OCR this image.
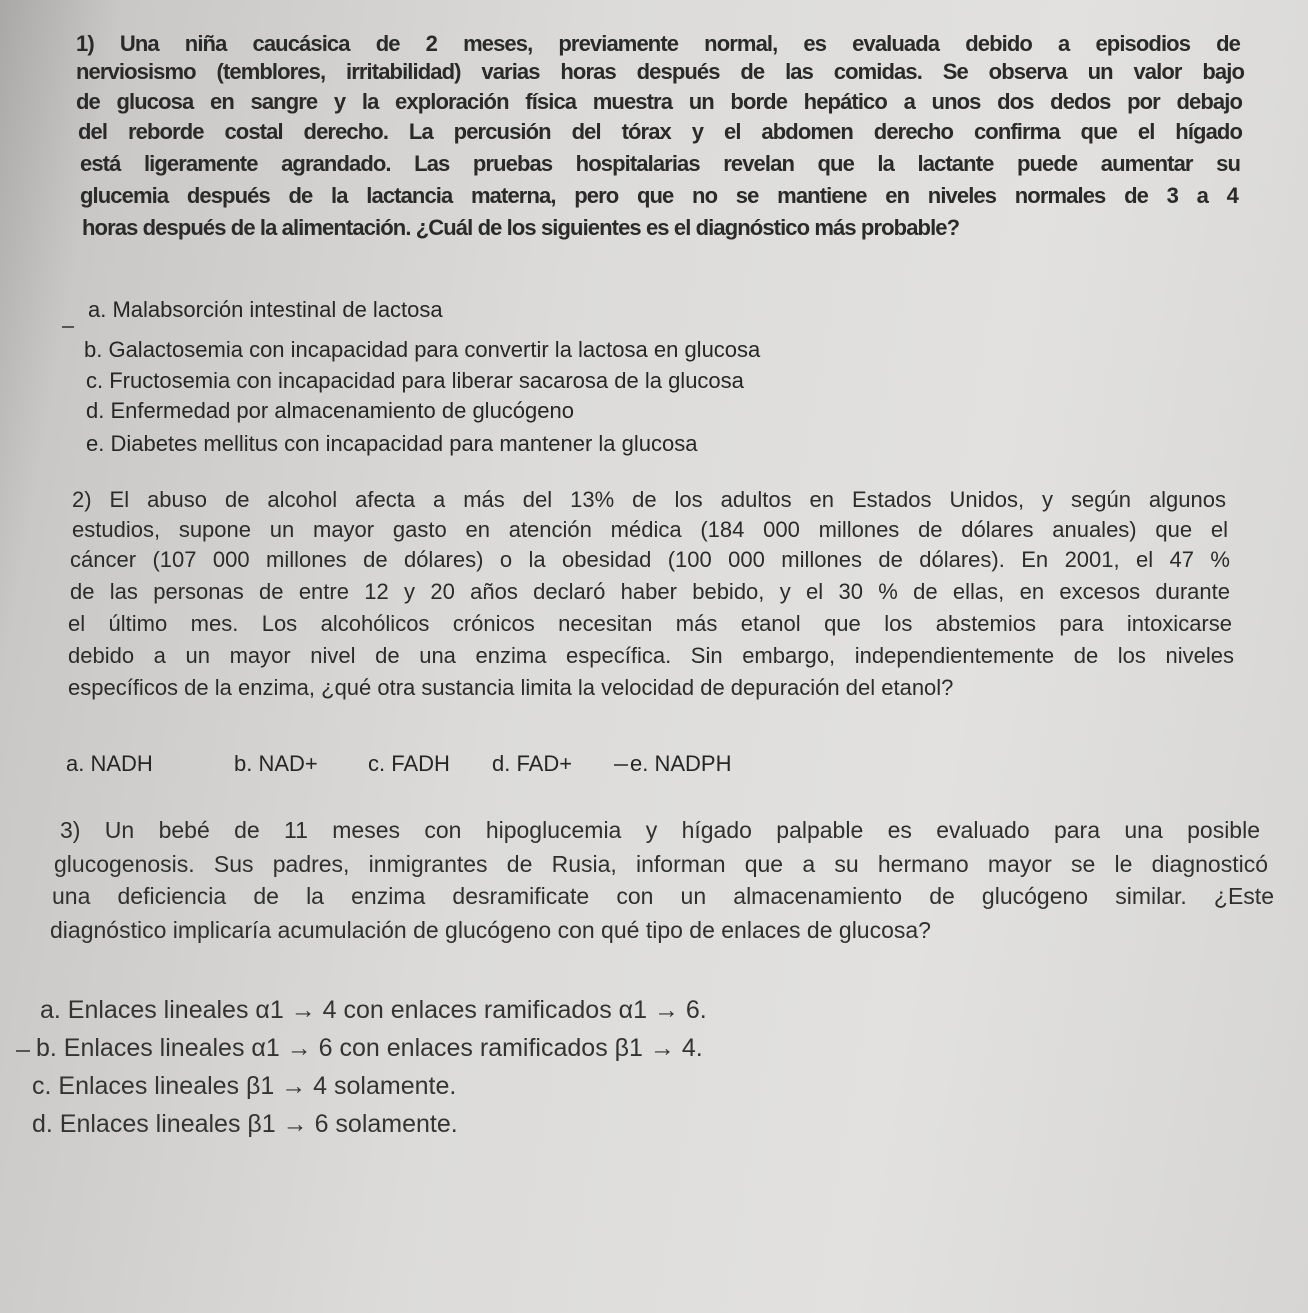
1) Una niña caucásica de 2 meses, previamente normal, es evaluada debido a episodios de
nerviosismo (temblores, irritabilidad) varias horas después de las comidas. Se observa un valor bajo
de glucosa en sangre y la exploración física muestra un borde hepático a unos dos dedos por debajo
del reborde costal derecho. La percusión del tórax y el abdomen derecho confirma que el hígado
está ligeramente agrandado. Las pruebas hospitalarias revelan que la lactante puede aumentar su
glucemia después de la lactancia materna, pero que no se mantiene en niveles normales de 3 a 4
horas después de la alimentación. ¿Cuál de los siguientes es el diagnóstico más probable?
a. Malabsorción intestinal de lactosa
b. Galactosemia con incapacidad para convertir la lactosa en glucosa
c. Fructosemia con incapacidad para liberar sacarosa de la glucosa
d. Enfermedad por almacenamiento de glucógeno
e. Diabetes mellitus con incapacidad para mantener la glucosa
2) El abuso de alcohol afecta a más del 13% de los adultos en Estados Unidos, y según algunos
estudios, supone un mayor gasto en atención médica (184 000 millones de dólares anuales) que el
cáncer (107 000 millones de dólares) o la obesidad (100 000 millones de dólares). En 2001, el 47 %
de las personas de entre 12 y 20 años declaró haber bebido, y el 30 % de ellas, en excesos durante
el último mes. Los alcohólicos crónicos necesitan más etanol que los abstemios para intoxicarse
debido a un mayor nivel de una enzima específica. Sin embargo, independientemente de los niveles
específicos de la enzima, ¿qué otra sustancia limita la velocidad de depuración del etanol?
a. NADH	b. NAD+ c. FADH d. FAD+	e. NADPH
3) Un bebé de 11 meses con hipoglucemia y hígado palpable es evaluado para una posible
glucogenosis. Sus padres, inmigrantes de Rusia, informan que a su hermano mayor se le diagnosticó
una deficiencia de la enzima desramificate con un almacenamiento de glucógeno similar. ¿Este
diagnóstico implicaría acumulación de glucógeno con qué tipo de enlaces de glucosa?
a. Enlaces lineales α1 → 4 con enlaces ramificados α1 → 6.
b. Enlaces lineales α1 → 6 con enlaces ramificados β1 → 4.
c. Enlaces lineales β1 → 4 solamente.
d. Enlaces lineales β1 → 6 solamente.
